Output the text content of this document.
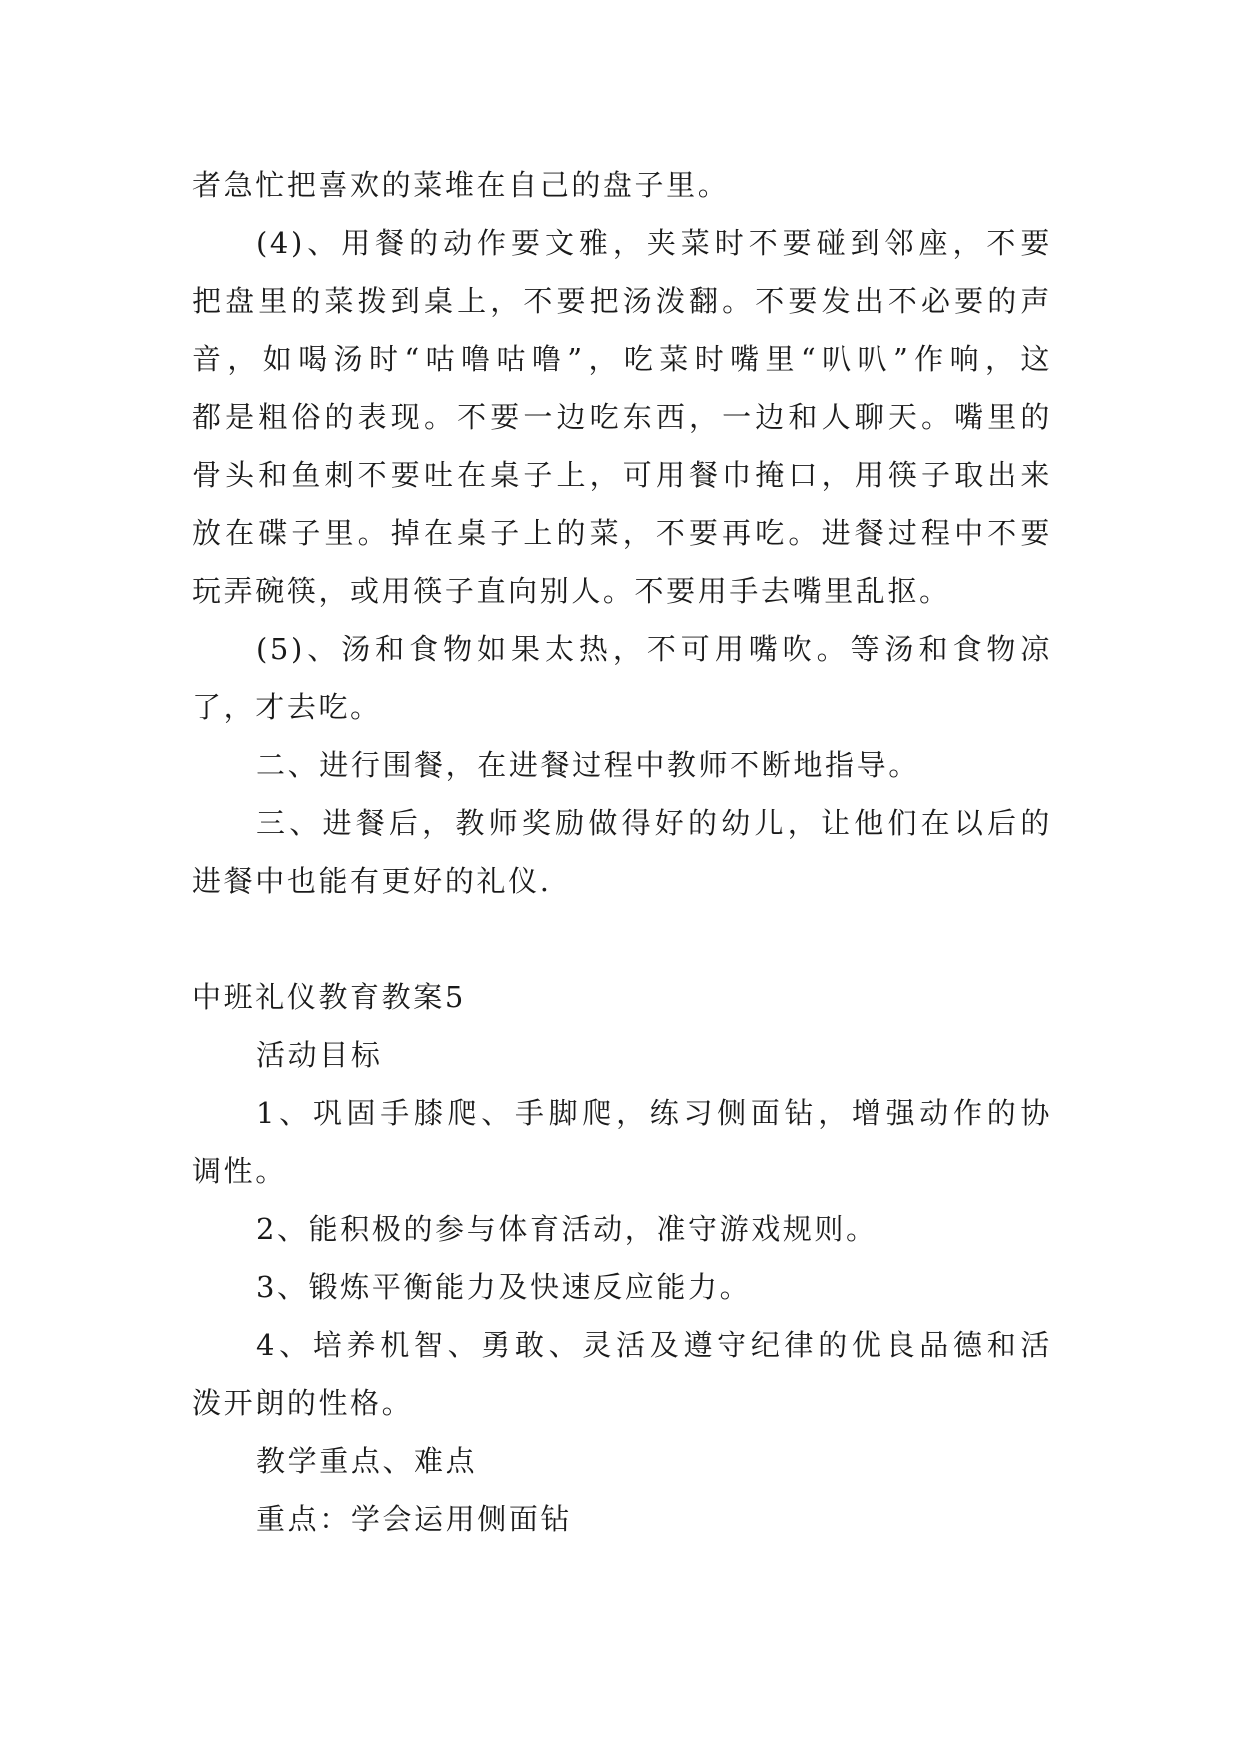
者急忙把喜欢的菜堆在自己的盘子里。
(4)、用餐的动作要文雅，夹菜时不要碰到邻座，不要
把盘里的菜拨到桌上，不要把汤泼翻。不要发出不必要的声
音，如喝汤时“咕噜咕噜”，吃菜时嘴里“叭叭”作响，这
都是粗俗的表现。不要一边吃东西，一边和人聊天。嘴里的
骨头和鱼刺不要吐在桌子上，可用餐巾掩口，用筷子取出来
放在碟子里。掉在桌子上的菜，不要再吃。进餐过程中不要
玩弄碗筷，或用筷子直向别人。不要用手去嘴里乱抠。
(5)、汤和食物如果太热，不可用嘴吹。等汤和食物凉
了，才去吃。
二、进行围餐，在进餐过程中教师不断地指导。
三、进餐后，教师奖励做得好的幼儿，让他们在以后的
进餐中也能有更好的礼仪.
中班礼仪教育教案5
活动目标
1、巩固手膝爬、手脚爬，练习侧面钻，增强动作的协
调性。
2、能积极的参与体育活动，准守游戏规则。
3、锻炼平衡能力及快速反应能力。
4、培养机智、勇敢、灵活及遵守纪律的优良品德和活
泼开朗的性格。
教学重点、难点
重点：学会运用侧面钻
